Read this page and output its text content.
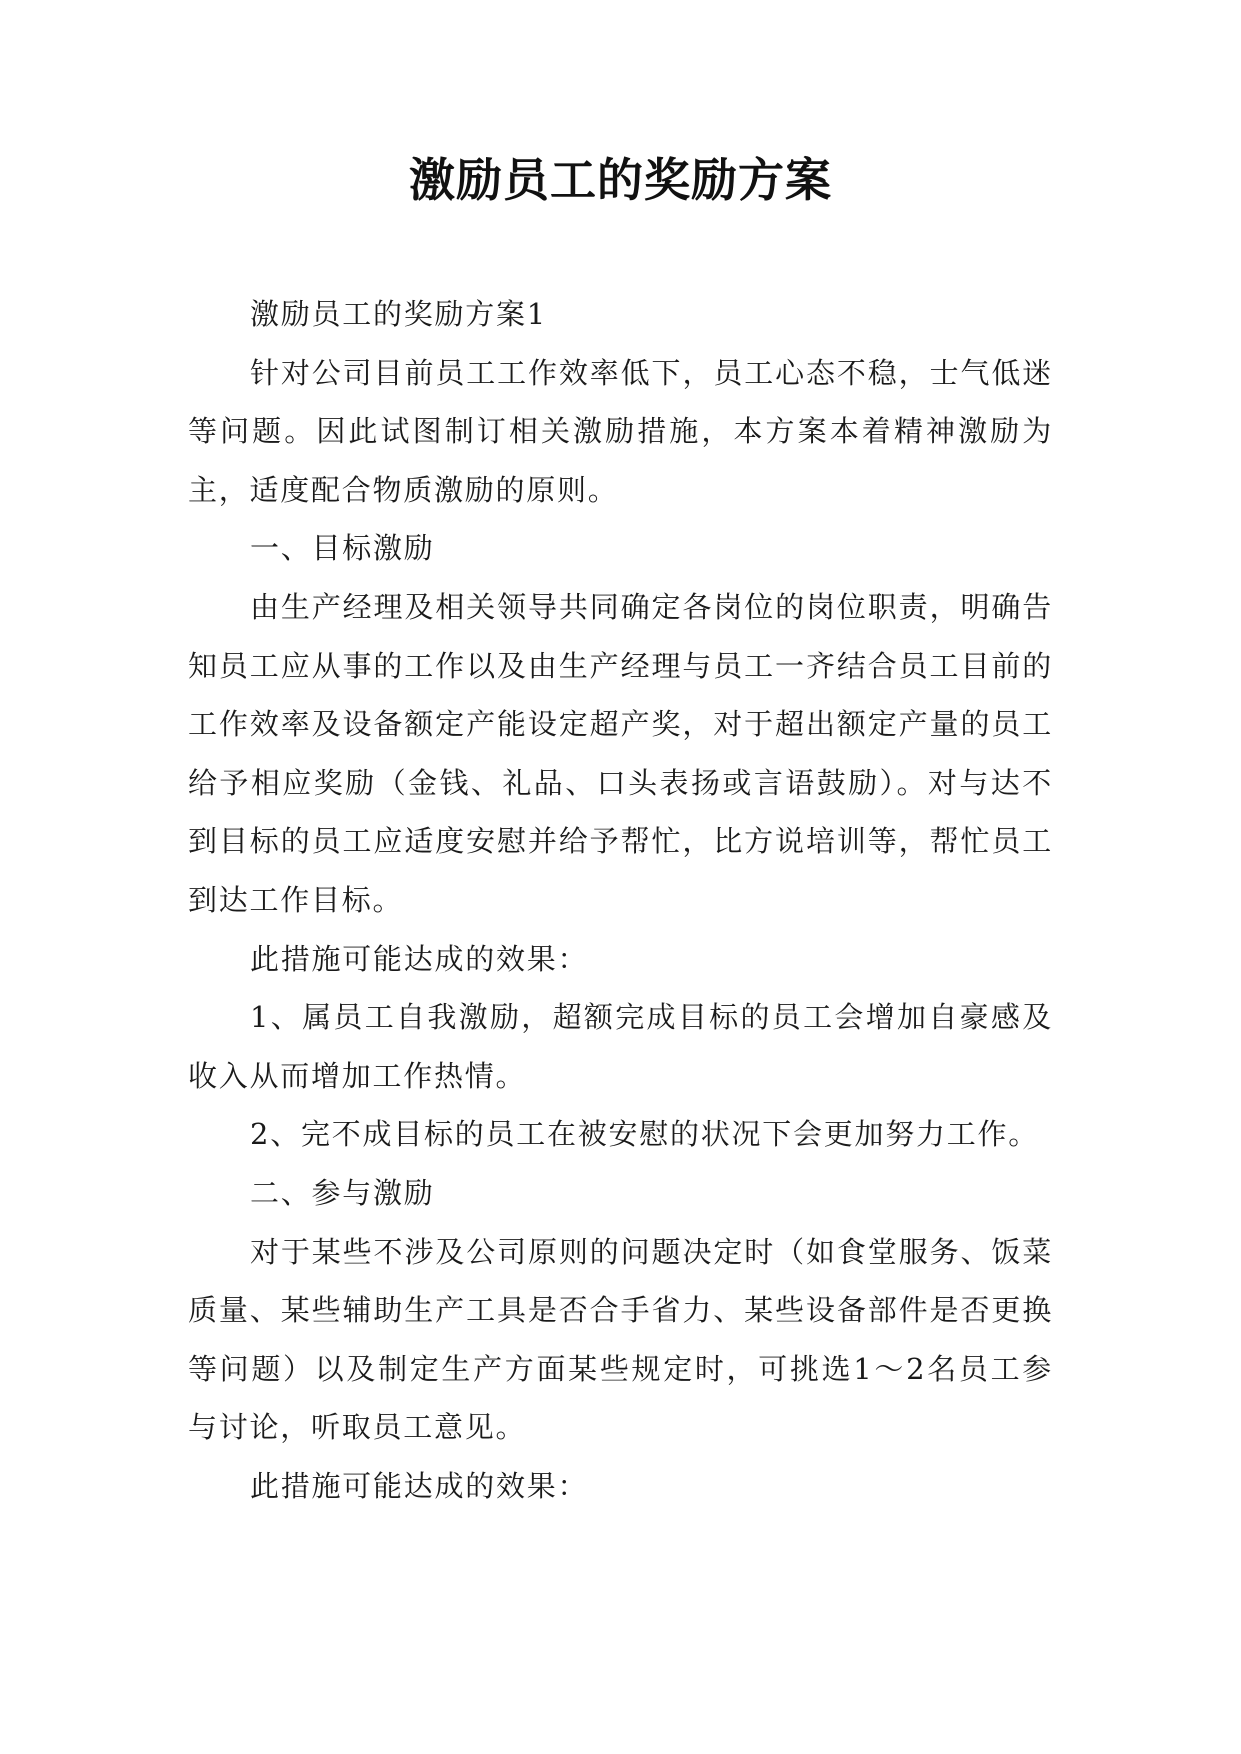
激励员工的奖励方案

激励员工的奖励方案1

针对公司目前员工工作效率低下，员工心态不稳，士气低迷等问题。因此试图制订相关激励措施，本方案本着精神激励为主，适度配合物质激励的原则。

一、目标激励

由生产经理及相关领导共同确定各岗位的岗位职责，明确告知员工应从事的工作以及由生产经理与员工一齐结合员工目前的工作效率及设备额定产能设定超产奖，对于超出额定产量的员工给予相应奖励（金钱、礼品、口头表扬或言语鼓励）。对与达不到目标的员工应适度安慰并给予帮忙，比方说培训等，帮忙员工到达工作目标。

此措施可能达成的效果：

1、属员工自我激励，超额完成目标的员工会增加自豪感及收入从而增加工作热情。

2、完不成目标的员工在被安慰的状况下会更加努力工作。

二、参与激励

对于某些不涉及公司原则的问题决定时（如食堂服务、饭菜质量、某些辅助生产工具是否合手省力、某些设备部件是否更换等问题）以及制定生产方面某些规定时，可挑选1～2名员工参与讨论，听取员工意见。

此措施可能达成的效果：
